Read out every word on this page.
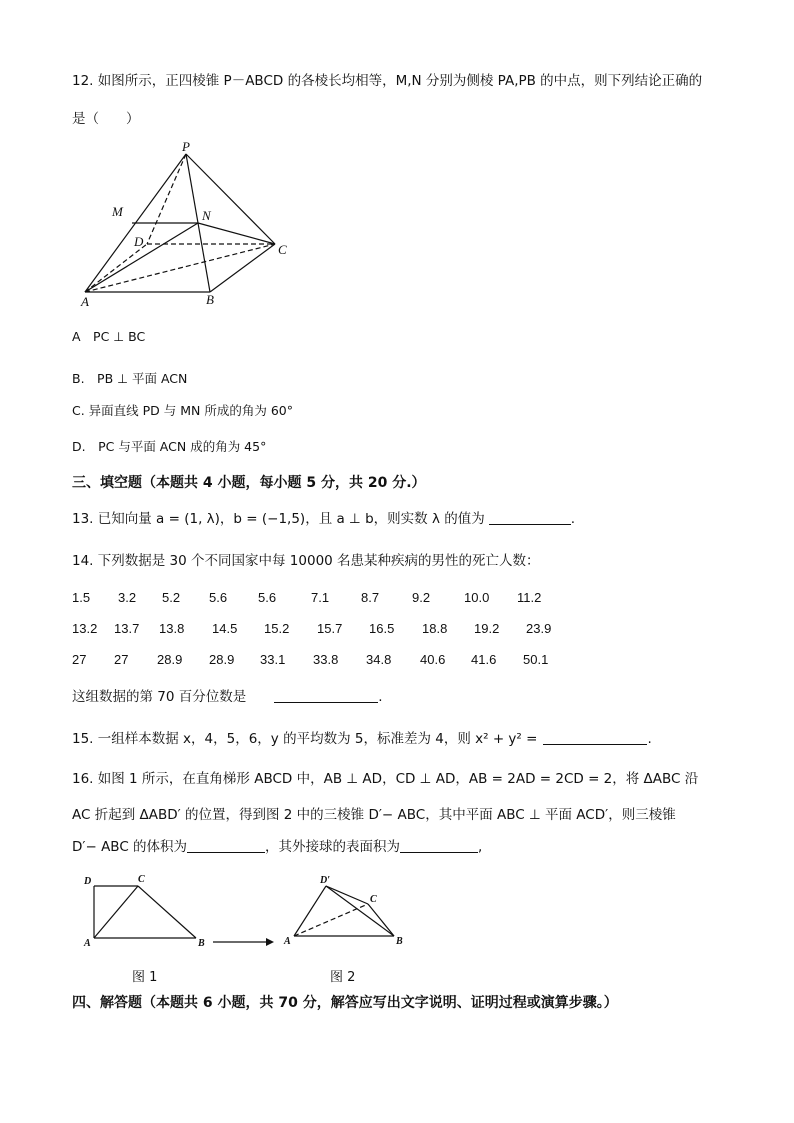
12. 如图所示，正四棱锥 P－ABCD 的各棱长均相等，M,N 分别为侧棱 PA,PB 的中点，则下列结论正确的
是（　　）
P
M	N
D
C
A	B
A　PC ⊥ BC
B.　PB ⊥ 平面 ACN
C. 异面直线 PD 与 MN 所成的角为 60°
D.　PC 与平面 ACN 成的角为 45°
三、填空题（本题共 4 小题，每小题 5 分，共 20 分.）
13. 已知向量 a = (1, λ)，b = (−1,5)，且 a ⊥ b，则实数 λ 的值为	.
14. 下列数据是 30 个不同国家中每 10000 名患某种疾病的男性的死亡人数：
1.5 3.2 5.2 5.6 5.6	7.1 8.7	9.2	10.0 11.2
13.2 13.7 13.8 14.5 15.2 15.7 16.5 18.8 19.2 23.9
27 27 28.9 28.9 33.1 33.8 34.8 40.6 41.6 50.1
这组数据的第 70 百分位数是	.
15. 一组样本数据 x，4，5，6，y 的平均数为 5，标准差为 4，则 x² + y² =	.
16. 如图 1 所示，在直角梯形 ABCD 中，AB ⊥ AD，CD ⊥ AD，AB = 2AD = 2CD = 2，将 ΔABC 沿
AC 折起到 ΔABD′ 的位置，得到图 2 中的三棱锥 D′− ABC，其中平面 ABC ⊥ 平面 ACD′，则三棱锥
D′− ABC 的体积为	，其外接球的表面积为	,
D	C
A	B
D′
C
A	B
图 1	图 2
四、解答题（本题共 6 小题，共 70 分，解答应写出文字说明、证明过程或演算步骤。）
